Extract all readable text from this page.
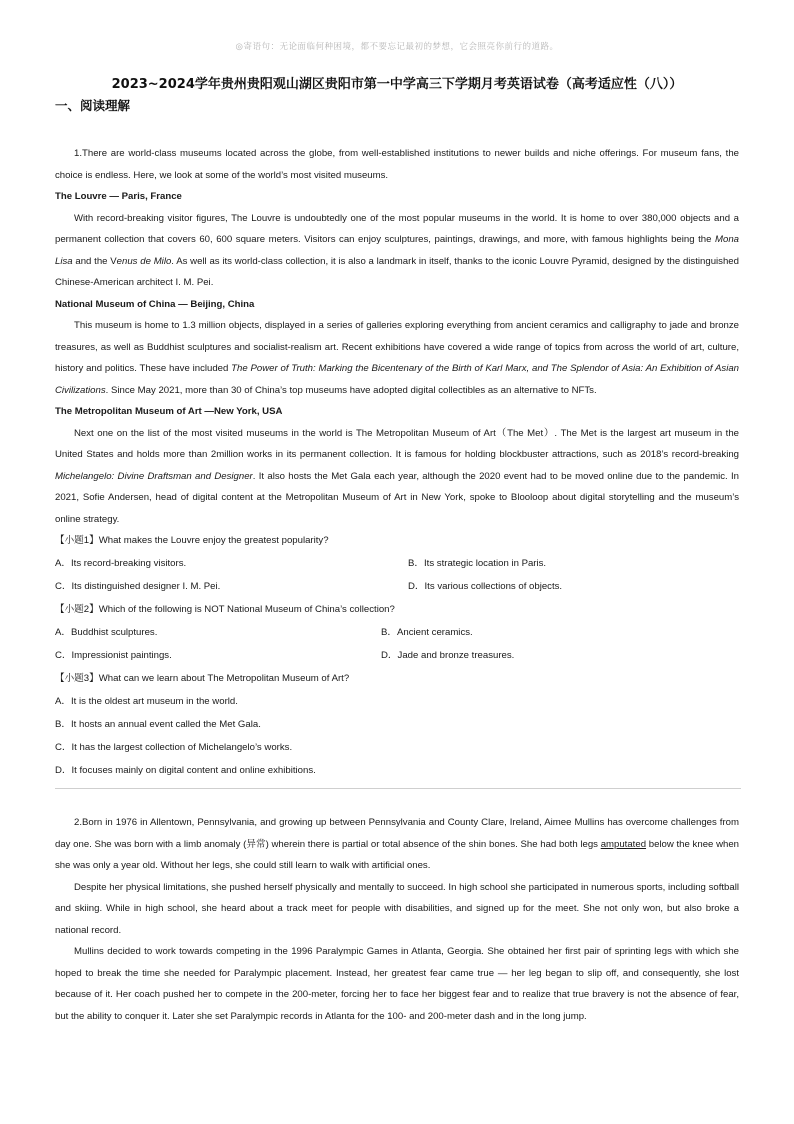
◎寄语句：无论面临何种困境，都不要忘记最初的梦想，它会照亮你前行的道路。
2023~2024学年贵州贵阳观山湖区贵阳市第一中学高三下学期月考英语试卷（高考适应性（八））
一、阅读理解

1.There are world-class museums located across the globe, from well-established institutions to newer builds and niche offerings. For museum fans, the choice is endless. Here, we look at some of the world’s most visited museums.

The Louvre — Paris, France

With record-breaking visitor figures, The Louvre is undoubtedly one of the most popular museums in the world. It is home to over 380,000 objects and a permanent collection that covers 60, 600 square meters. Visitors can enjoy sculptures, paintings, drawings, and more, with famous highlights being the Mona Lisa and the Venus de Milo. As well as its world-class collection, it is also a landmark in itself, thanks to the iconic Louvre Pyramid, designed by the distinguished Chinese-American architect I. M. Pei.

National Museum of China — Beijing, China

This museum is home to 1.3 million objects, displayed in a series of galleries exploring everything from ancient ceramics and calligraphy to jade and bronze treasures, as well as Buddhist sculptures and socialist-realism art. Recent exhibitions have covered a wide range of topics from across the world of art, culture, history and politics. These have included The Power of Truth: Marking the Bicentenary of the Birth of Karl Marx, and The Splendor of Asia: An Exhibition of Asian Civilizations. Since May 2021, more than 30 of China’s top museums have adopted digital collectibles as an alternative to NFTs.

The Metropolitan Museum of Art —New York, USA

Next one on the list of the most visited museums in the world is The Metropolitan Museum of Art（The Met）. The Met is the largest art museum in the United States and holds more than 2million works in its permanent collection. It is famous for holding blockbuster attractions, such as 2018’s record-breaking Michelangelo: Divine Draftsman and Designer. It also hosts the Met Gala each year, although the 2020 event had to be moved online due to the pandemic. In 2021, Sofie Andersen, head of digital content at the Metropolitan Museum of Art in New York, spoke to Blooloop about digital storytelling and the museum’s online strategy.

【小题1】What makes the Louvre enjoy the greatest popularity?

A．Its record-breaking visitors.	B．Its strategic location in Paris.
C．Its distinguished designer I. M. Pei.	D．Its various collections of objects.

【小题2】Which of the following is NOT National Museum of China’s collection?

A．Buddhist sculptures.	B．Ancient ceramics.
C．Impressionist paintings.	D．Jade and bronze treasures.

【小题3】What can we learn about The Metropolitan Museum of Art?

A．It is the oldest art museum in the world.

B．It hosts an annual event called the Met Gala.

C．It has the largest collection of Michelangelo’s works.

D．It focuses mainly on digital content and online exhibitions.

2.Born in 1976 in Allentown, Pennsylvania, and growing up between Pennsylvania and County Clare, Ireland, Aimee Mullins has overcome challenges from day one. She was born with a limb anomaly (异常) wherein there is partial or total absence of the shin bones. She had both legs amputated below the knee when she was only a year old. Without her legs, she could still learn to walk with artificial ones.

Despite her physical limitations, she pushed herself physically and mentally to succeed. In high school she participated in numerous sports, including softball and skiing. While in high school, she heard about a track meet for people with disabilities, and signed up for the meet. She not only won, but also broke a national record.

Mullins decided to work towards competing in the 1996 Paralympic Games in Atlanta, Georgia. She obtained her first pair of sprinting legs with which she hoped to break the time she needed for Paralympic placement. Instead, her greatest fear came true — her leg began to slip off, and consequently, she lost because of it. Her coach pushed her to compete in the 200-meter, forcing her to face her biggest fear and to realize that true bravery is not the absence of fear, but the ability to conquer it. Later she set Paralympic records in Atlanta for the 100- and 200-meter dash and in the long jump.
